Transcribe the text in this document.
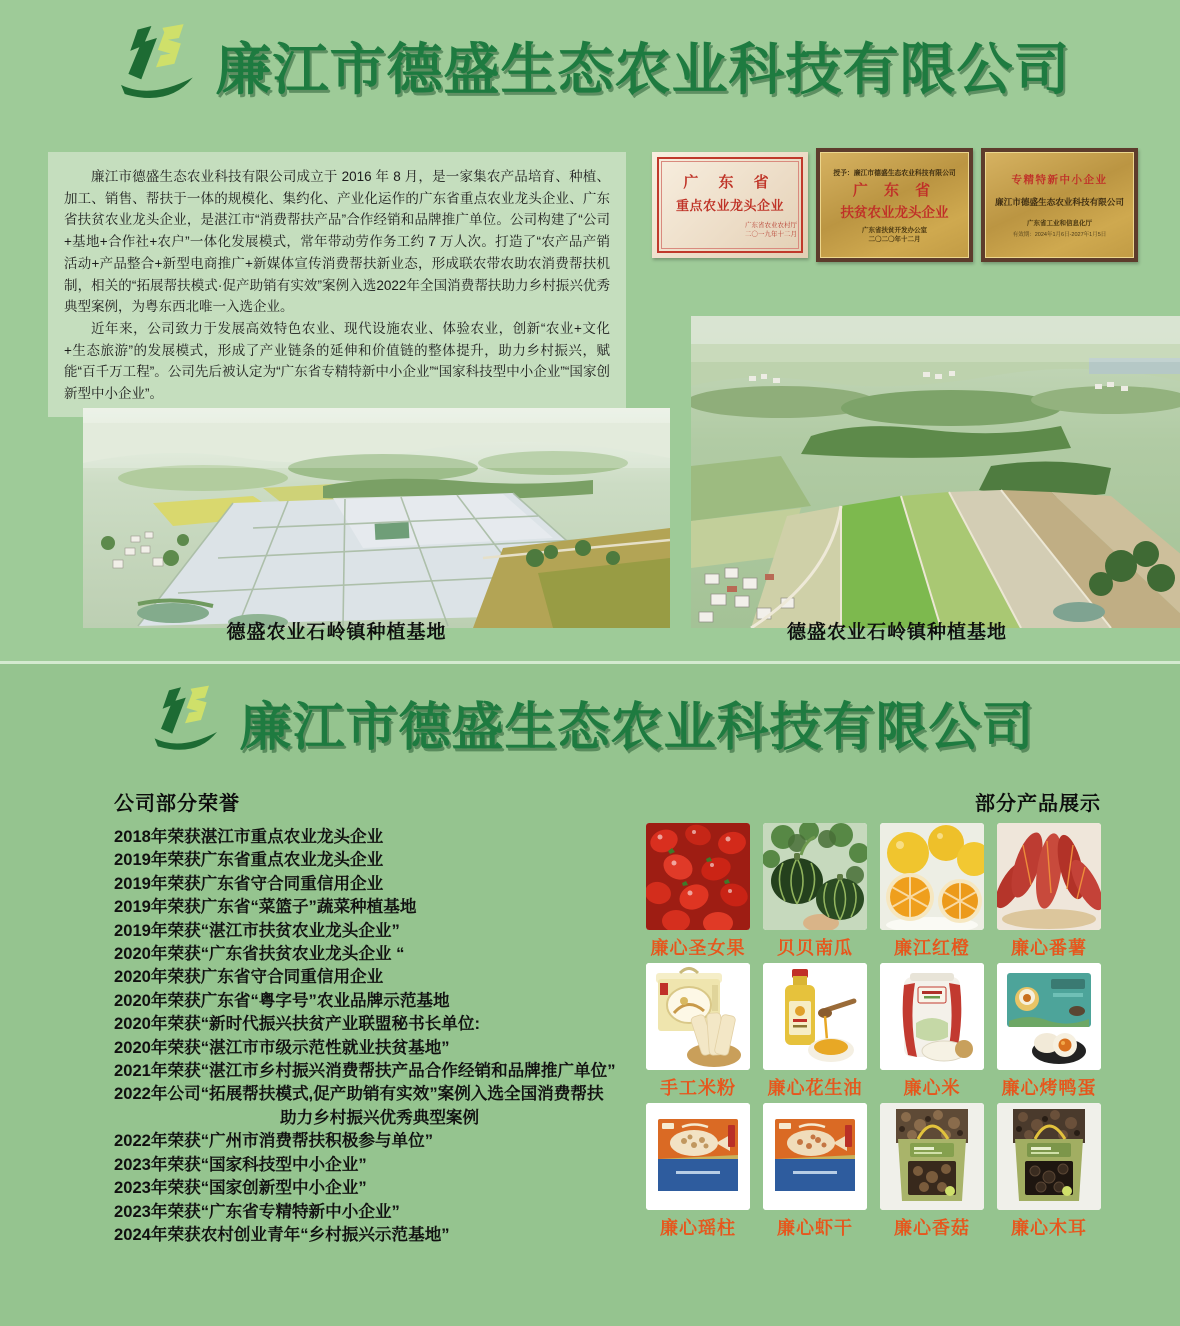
廉江市德盛生态农业科技有限公司

廉江市德盛生态农业科技有限公司成立于 2016 年 8 月，是一家集农产品培育、种植、加工、销售、帮扶于一体的规模化、集约化、产业化运作的广东省重点农业龙头企业、广东省扶贫农业龙头企业，是湛江市“消费帮扶产品”合作经销和品牌推广单位。公司构建了“公司+基地+合作社+农户”一体化发展模式，常年带动劳作务工约 7 万人次。打造了“农产品产销活动+产品整合+新型电商推广+新媒体宣传消费帮扶新业态，形成联农带农助农消费帮扶机制，相关的“拓展帮扶模式·促产助销有实效”案例入选2022年全国消费帮扶助力乡村振兴优秀典型案例，为粤东西北唯一入选企业。

近年来，公司致力于发展高效特色农业、现代设施农业、体验农业，创新“农业+文化+生态旅游”的发展模式，形成了产业链条的延伸和价值链的整体提升，助力乡村振兴，赋能“百千万工程”。公司先后被认定为“广东省专精特新中小企业”“国家科技型中小企业”“国家创新型中小企业”。

广 东 省
重点农业龙头企业
广东省农业农村厅
二〇一九年十二月
授予：廉江市德盛生态农业科技有限公司
广 东 省
扶贫农业龙头企业
广东省扶贫开发办公室
二〇二〇年十二月
专精特新中小企业
廉江市德盛生态农业科技有限公司
广东省工业和信息化厅
有效期：2024年1月6日-2027年1月5日
德盛农业石岭镇种植基地	德盛农业石岭镇种植基地
廉江市德盛生态农业科技有限公司
公司部分荣誉	部分产品展示
2018年荣获湛江市重点农业龙头企业
2019年荣获广东省重点农业龙头企业
2019年荣获广东省守合同重信用企业
2019年荣获广东省“菜篮子”蔬菜种植基地
2019年荣获“湛江市扶贫农业龙头企业”
2020年荣获“广东省扶贫农业龙头企业 “
2020年荣获广东省守合同重信用企业
2020年荣获广东省“粤字号”农业品牌示范基地
2020年荣获“新时代振兴扶贫产业联盟秘书长单位:
2020年荣获“湛江市市级示范性就业扶贫基地”
2021年荣获“湛江市乡村振兴消费帮扶产品合作经销和品牌推广单位”
2022年公司“拓展帮扶模式,促产助销有实效”案例入选全国消费帮扶
助力乡村振兴优秀典型案例
2022年荣获“广州市消费帮扶积极参与单位”
2023年荣获“国家科技型中小企业”
2023年荣获“国家创新型中小企业”
2023年荣获“广东省专精特新中小企业”
2024年荣获农村创业青年“乡村振兴示范基地”
廉心圣女果	贝贝南瓜	廉江红橙	廉心番薯
手工米粉	廉心花生油	廉心米	廉心烤鸭蛋
廉心瑶柱	廉心虾干	廉心香菇	廉心木耳
